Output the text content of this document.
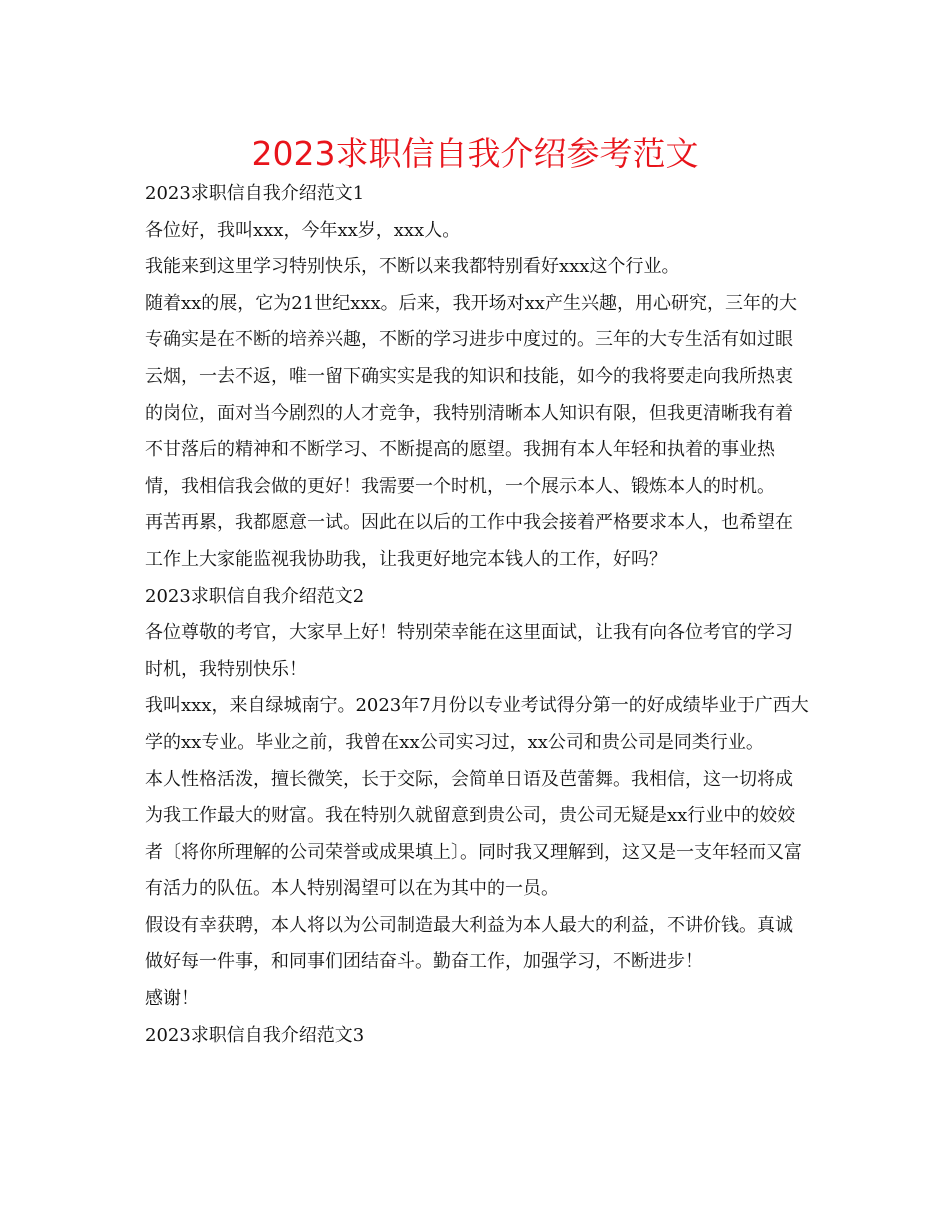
2023求职信自我介绍参考范文

2023求职信自我介绍范文1

各位好，我叫xxx，今年xx岁，xxx人。

我能来到这里学习特别快乐，不断以来我都特别看好xxx这个行业。

随着xx的展，它为21世纪xxx。后来，我开场对xx产生兴趣，用心研究，三年的大专确实是在不断的培养兴趣，不断的学习进步中度过的。三年的大专生活有如过眼云烟，一去不返，唯一留下确实实是我的知识和技能，如今的我将要走向我所热衷的岗位，面对当今剧烈的人才竞争，我特别清晰本人知识有限，但我更清晰我有着不甘落后的精神和不断学习、不断提高的愿望。我拥有本人年轻和执着的事业热情，我相信我会做的更好！我需要一个时机，一个展示本人、锻炼本人的时机。

再苦再累，我都愿意一试。因此在以后的工作中我会接着严格要求本人，也希望在工作上大家能监视我协助我，让我更好地完本钱人的工作，好吗？

2023求职信自我介绍范文2

各位尊敬的考官，大家早上好！特别荣幸能在这里面试，让我有向各位考官的学习时机，我特别快乐！

我叫xxx，来自绿城南宁。2023年7月份以专业考试得分第一的好成绩毕业于广西大学的xx专业。毕业之前，我曾在xx公司实习过，xx公司和贵公司是同类行业。

本人性格活泼，擅长微笑，长于交际，会简单日语及芭蕾舞。我相信，这一切将成为我工作最大的财富。我在特别久就留意到贵公司，贵公司无疑是xx行业中的姣姣者〔将你所理解的公司荣誉或成果填上〕。同时我又理解到，这又是一支年轻而又富有活力的队伍。本人特别渴望可以在为其中的一员。

假设有幸获聘，本人将以为公司制造最大利益为本人最大的利益，不讲价钱。真诚做好每一件事，和同事们团结奋斗。勤奋工作，加强学习，不断进步！

感谢！

2023求职信自我介绍范文3
